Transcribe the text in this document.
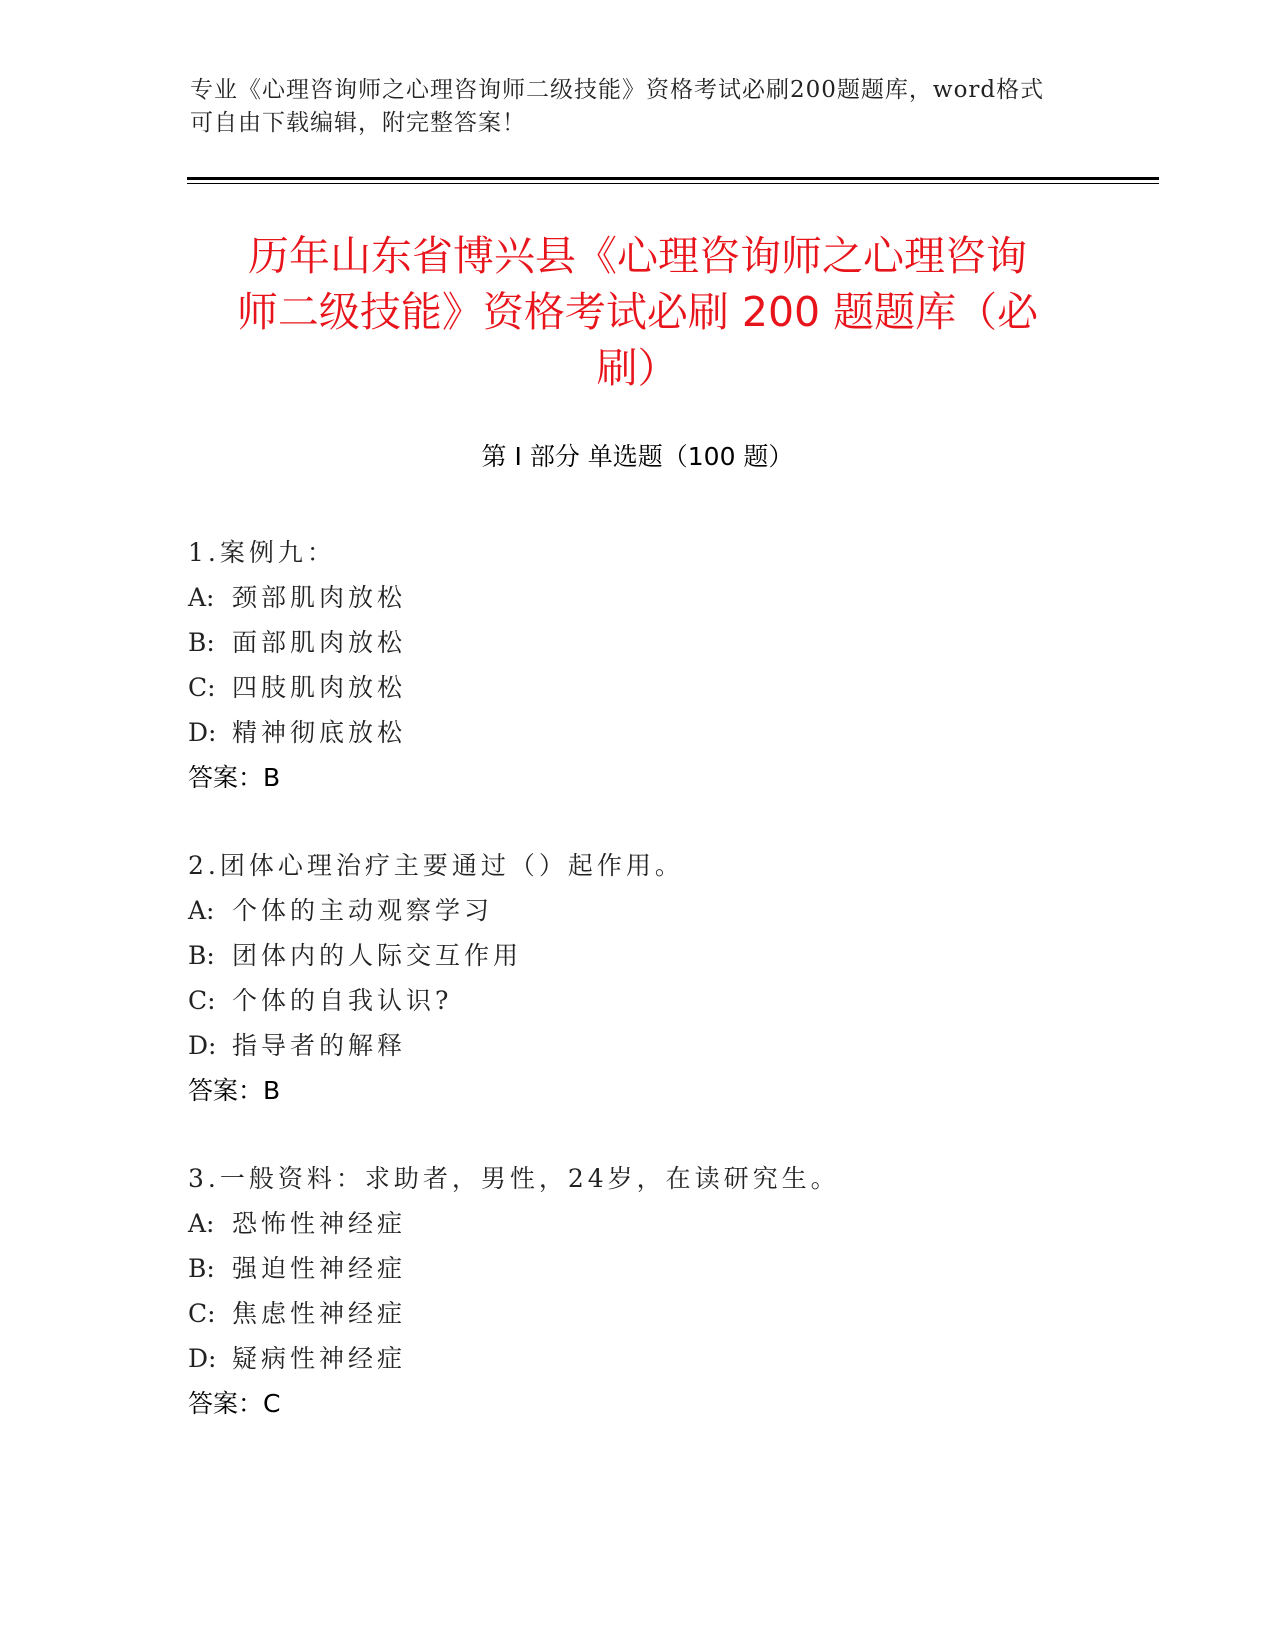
专业《心理咨询师之心理咨询师二级技能》资格考试必刷200题题库，word格式
可自由下载编辑，附完整答案！
历年山东省博兴县《心理咨询师之心理咨询
师二级技能》资格考试必刷 200 题题库（必
刷）
第 I 部分 单选题（100 题）
1.案例九：
A: 颈部肌肉放松
B: 面部肌肉放松
C: 四肢肌肉放松
D: 精神彻底放松
答案：B
2.团体心理治疗主要通过（）起作用。
A: 个体的主动观察学习
B: 团体内的人际交互作用
C: 个体的自我认识?
D: 指导者的解释
答案：B
3.一般资料：求助者，男性，24岁，在读研究生。
A: 恐怖性神经症
B: 强迫性神经症
C: 焦虑性神经症
D: 疑病性神经症
答案：C
